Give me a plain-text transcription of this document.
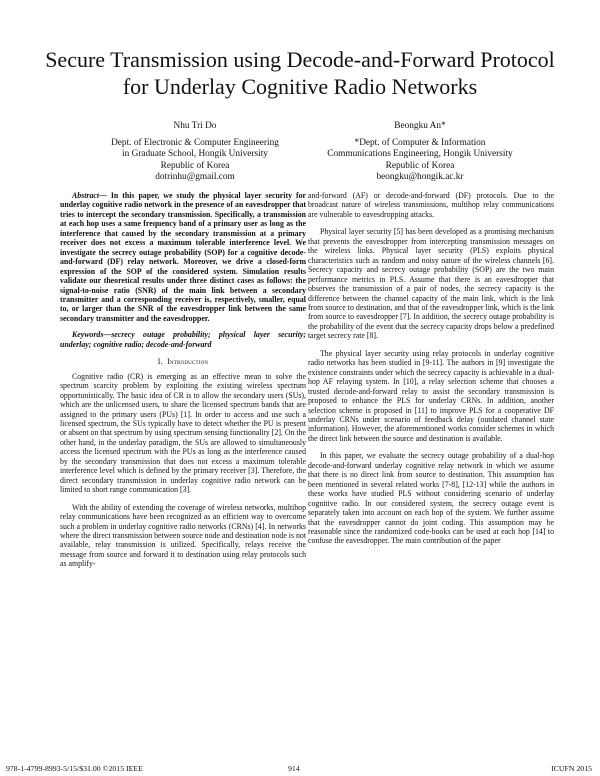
Secure Transmission using Decode-and-Forward Protocol for Underlay Cognitive Radio Networks
Nhu Tri Do
Dept. of Electronic & Computer Engineering
in Graduate School, Hongik University
Republic of Korea
dotrinhu@gmail.com
Beongku An*
*Dept. of Computer & Information
Communications Engineering, Hongik University
Republic of Korea
beongku@hongik.ac.kr

Abstract— In this paper, we study the physical layer security for underlay cognitive radio network in the presence of an eavesdropper that tries to intercept the secondary transmission. Specifically, a transmission at each hop uses a same frequency band of a primary user as long as the interference that caused by the secondary transmission at a primary receiver does not excess a maximum tolerable interference level. We investigate the secrecy outage probability (SOP) for a cognitive decode-and-forward (DF) relay network. Moreover, we drive a closed-form expression of the SOP of the considered system. Simulation results validate our theoretical results under three distinct cases as follows: the signal-to-noise ratio (SNR) of the main link between a secondary transmitter and a corresponding receiver is, respectively, smaller, equal to, or larger than the SNR of the eavesdropper link between the same secondary transmitter and the eavesdropper.

Keywords—secrecy outage probability; physical layer security; underlay; cognitive radio; decode-and-forward

I. Introduction

Cognitive radio (CR) is emerging as an effective mean to solve the spectrum scarcity problem by exploiting the existing wireless spectrum opportunistically. The basic idea of CR is to allow the secondary users (SUs), which are the unlicensed users, to share the licensed spectrum bands that are assigned to the primary users (PUs) [1]. In order to access and use such a licensed spectrum, the SUs typically have to detect whether the PU is present or absent on that spectrum by using spectrum sensing functionality [2]. On the other hand, in the underlay paradigm, the SUs are allowed to simultaneously access the licensed spectrum with the PUs as long as the interference caused by the secondary transmission that does not excess a maximum tolerable interference level which is defined by the primary receiver [3]. Therefore, the direct secondary transmission in underlay cognitive radio network can be limited to short range communication [3].

With the ability of extending the coverage of wireless networks, multihop relay communications have been recognized as an efficient way to overcome such a problem in underlay cognitive radio networks (CRNs) [4]. In networks where the direct transmission between source node and destination node is not available, relay transmission is utilized. Specifically, relays receive the message from source and forward it to destination using relay protocols such as amplify-

and-forward (AF) or decode-and-forward (DF) protocols. Due to the broadcast nature of wireless transmissions, multihop relay communications are vulnerable to eavesdropping attacks.

Physical layer security [5] has been developed as a promising mechanism that prevents the eavesdropper from intercepting transmission messages on the wireless links. Physical layer security (PLS) exploits physical characteristics such as random and noisy nature of the wireless channels [6]. Secrecy capacity and secrecy outage probability (SOP) are the two main performance metrics in PLS. Assume that there is an eavesdropper that observes the transmission of a pair of nodes, the secrecy capacity is the difference between the channel capacity of the main link, which is the link from source to destination, and that of the eavesdropper link, which is the link from source to eavesdropper [7]. In addition, the secrecy outage probability is the probability of the event that the secrecy capacity drops below a predefined target secrecy rate [8].

The physical layer security using relay protocols in underlay cognitive radio networks has been studied in [9-11]. The authors in [9] investigate the existence constraints under which the secrecy capacity is achievable in a dual-hop AF relaying system. In [10], a relay selection scheme that chooses a trusted decode-and-forward relay to assist the secondary transmission is proposed to enhance the PLS for underlay CRNs. In addition, another selection scheme is proposed in [11] to improve PLS for a cooperative DF underlay CRNs under scenario of feedback delay (outdated channel state information). However, the aforementioned works consider schemes in which the direct link between the source and destination is available.

In this paper, we evaluate the secrecy outage probability of a dual-hop decode-and-forward underlay cognitive relay network in which we assume that there is no direct link from source to destination. This assumption has been mentioned in several related works [7-8], [12-13] while the authors in these works have studied PLS without considering scenario of underlay cognitive radio. In our considered system, the secrecy outage event is separately taken into account on each hop of the system. We further assume that the eavesdropper cannot do joint coding. This assumption may be reasonable since the randomized code-books can be used at each hop [14] to confuse the eavesdropper. The main contribution of the paper

978-1-4799-8993-5/15/$31.00 ©2015 IEEE	914	ICUFN 2015
